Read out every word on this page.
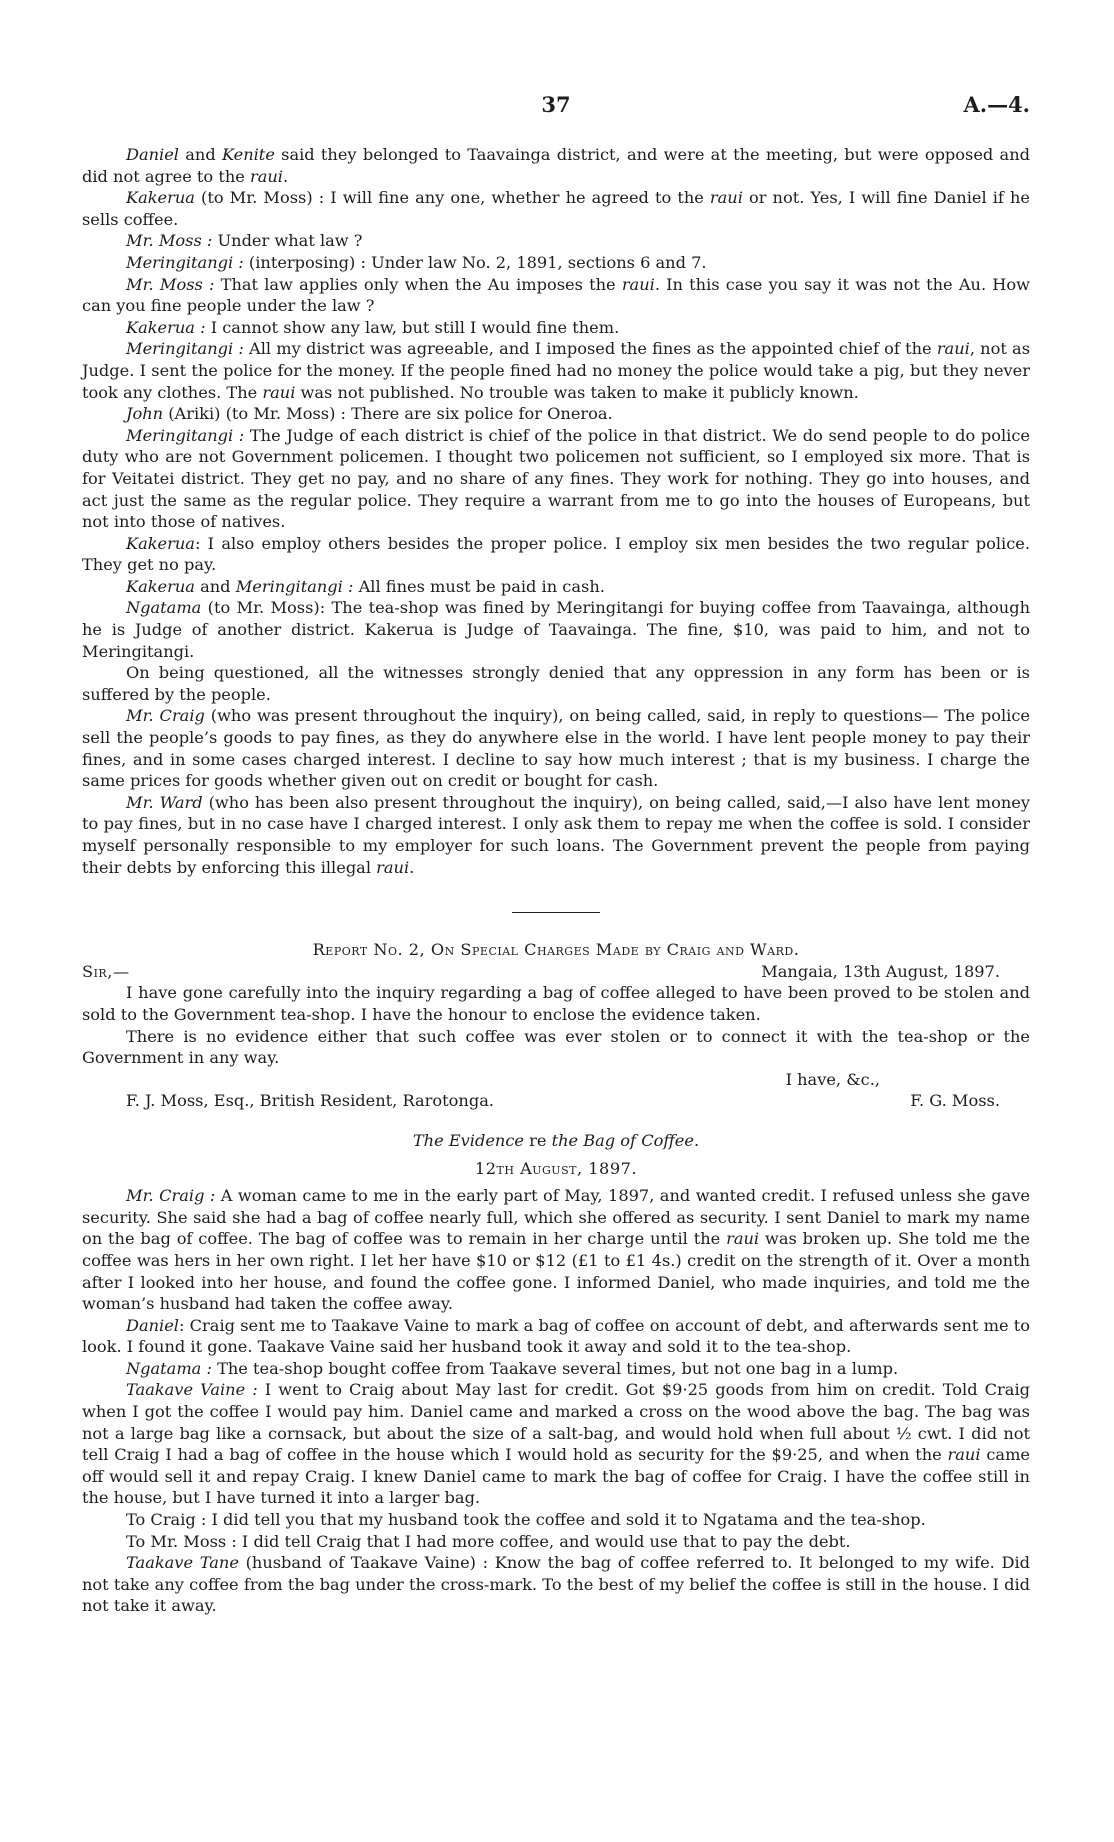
37	A.—4.

Daniel and Kenite said they belonged to Taavainga district, and were at the meeting, but were opposed and did not agree to the raui.

Kakerua (to Mr. Moss) : I will fine any one, whether he agreed to the raui or not. Yes, I will fine Daniel if he sells coffee.

Mr. Moss : Under what law ?

Meringitangi : (interposing) : Under law No. 2, 1891, sections 6 and 7.

Mr. Moss : That law applies only when the Au imposes the raui. In this case you say it was not the Au. How can you fine people under the law ?

Kakerua : I cannot show any law, but still I would fine them.

Meringitangi : All my district was agreeable, and I imposed the fines as the appointed chief of the raui, not as Judge. I sent the police for the money. If the people fined had no money the police would take a pig, but they never took any clothes. The raui was not published. No trouble was taken to make it publicly known.

John (Ariki) (to Mr. Moss) : There are six police for Oneroa.

Meringitangi : The Judge of each district is chief of the police in that district. We do send people to do police duty who are not Government policemen. I thought two policemen not sufficient, so I employed six more. That is for Veitatei district. They get no pay, and no share of any fines. They work for nothing. They go into houses, and act just the same as the regular police. They require a warrant from me to go into the houses of Europeans, but not into those of natives.

Kakerua: I also employ others besides the proper police. I employ six men besides the two regular police. They get no pay.

Kakerua and Meringitangi : All fines must be paid in cash.

Ngatama (to Mr. Moss): The tea-shop was fined by Meringitangi for buying coffee from Taavainga, although he is Judge of another district. Kakerua is Judge of Taavainga. The fine, $10, was paid to him, and not to Meringitangi.

On being questioned, all the witnesses strongly denied that any oppression in any form has been or is suffered by the people.

Mr. Craig (who was present throughout the inquiry), on being called, said, in reply to questions— The police sell the people’s goods to pay fines, as they do anywhere else in the world. I have lent people money to pay their fines, and in some cases charged interest. I decline to say how much interest ; that is my business. I charge the same prices for goods whether given out on credit or bought for cash.

Mr. Ward (who has been also present throughout the inquiry), on being called, said,—I also have lent money to pay fines, but in no case have I charged interest. I only ask them to repay me when the coffee is sold. I consider myself personally responsible to my employer for such loans. The Government prevent the people from paying their debts by enforcing this illegal raui.

Report No. 2, On Special Charges Made by Craig and Ward.

Sir,—	Mangaia, 13th August, 1897.

I have gone carefully into the inquiry regarding a bag of coffee alleged to have been proved to be stolen and sold to the Government tea-shop. I have the honour to enclose the evidence taken.

There is no evidence either that such coffee was ever stolen or to connect it with the tea-shop or the Government in any way.

I have, &c.,

F. J. Moss, Esq., British Resident, Rarotonga.	F. G. Moss.

The Evidence re the Bag of Coffee.

12th August, 1897.

Mr. Craig : A woman came to me in the early part of May, 1897, and wanted credit. I refused unless she gave security. She said she had a bag of coffee nearly full, which she offered as security. I sent Daniel to mark my name on the bag of coffee. The bag of coffee was to remain in her charge until the raui was broken up. She told me the coffee was hers in her own right. I let her have $10 or $12 (£1 to £1 4s.) credit on the strength of it. Over a month after I looked into her house, and found the coffee gone. I informed Daniel, who made inquiries, and told me the woman’s husband had taken the coffee away.

Daniel: Craig sent me to Taakave Vaine to mark a bag of coffee on account of debt, and afterwards sent me to look. I found it gone. Taakave Vaine said her husband took it away and sold it to the tea-shop.

Ngatama : The tea-shop bought coffee from Taakave several times, but not one bag in a lump.

Taakave Vaine : I went to Craig about May last for credit. Got $9·25 goods from him on credit. Told Craig when I got the coffee I would pay him. Daniel came and marked a cross on the wood above the bag. The bag was not a large bag like a cornsack, but about the size of a salt-bag, and would hold when full about ½ cwt. I did not tell Craig I had a bag of coffee in the house which I would hold as security for the $9·25, and when the raui came off would sell it and repay Craig. I knew Daniel came to mark the bag of coffee for Craig. I have the coffee still in the house, but I have turned it into a larger bag.

To Craig : I did tell you that my husband took the coffee and sold it to Ngatama and the tea-shop.

To Mr. Moss : I did tell Craig that I had more coffee, and would use that to pay the debt.

Taakave Tane (husband of Taakave Vaine) : Know the bag of coffee referred to. It belonged to my wife. Did not take any coffee from the bag under the cross-mark. To the best of my belief the coffee is still in the house. I did not take it away.
